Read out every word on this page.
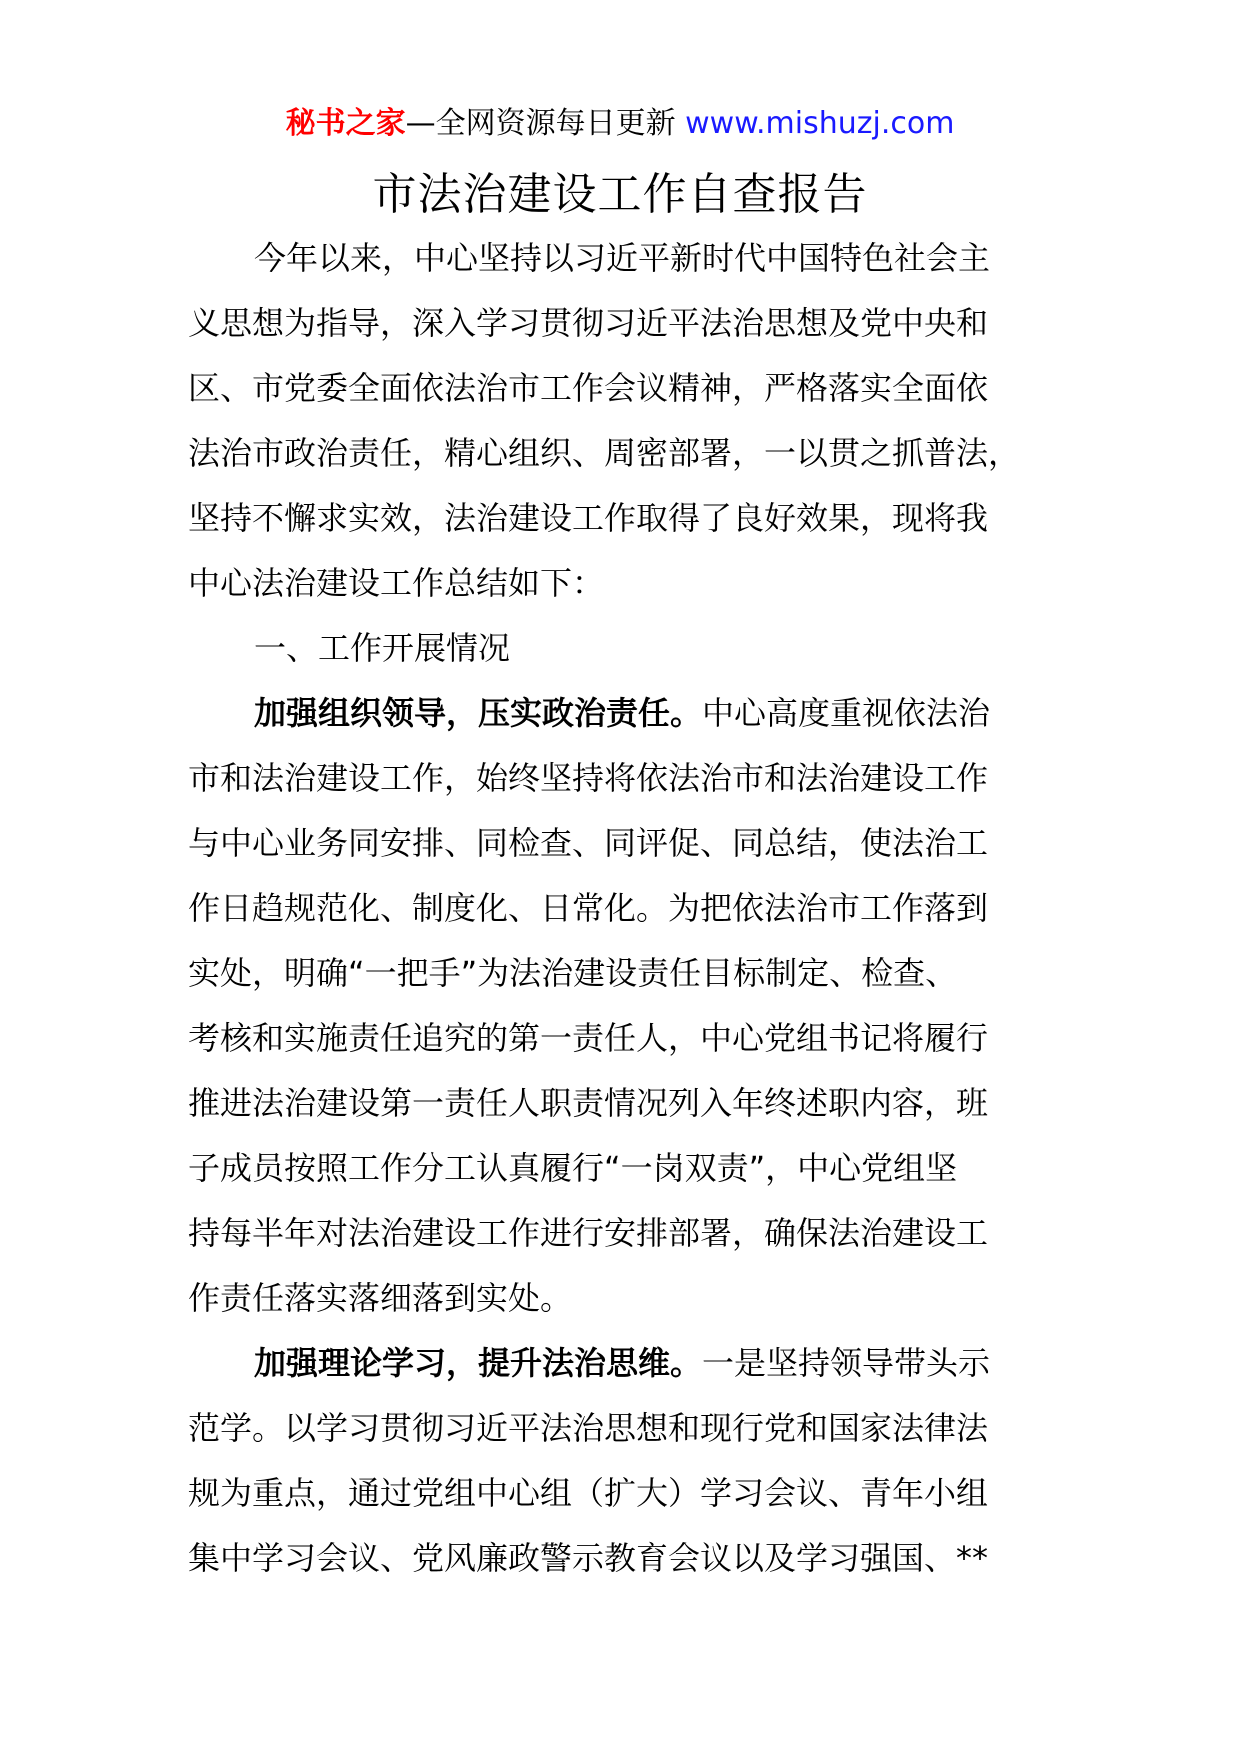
秘书之家—全网资源每日更新 www.mishuzj.com
市法治建设工作自查报告
今年以来，中心坚持以习近平新时代中国特色社会主
义思想为指导，深入学习贯彻习近平法治思想及党中央和
区、市党委全面依法治市工作会议精神，严格落实全面依
法治市政治责任，精心组织、周密部署，一以贯之抓普法，
坚持不懈求实效，法治建设工作取得了良好效果，现将我
中心法治建设工作总结如下：
一、工作开展情况
加强组织领导，压实政治责任。中心高度重视依法治
市和法治建设工作，始终坚持将依法治市和法治建设工作
与中心业务同安排、同检查、同评促、同总结，使法治工
作日趋规范化、制度化、日常化。为把依法治市工作落到
实处，明确“一把手”为法治建设责任目标制定、检查、
考核和实施责任追究的第一责任人，中心党组书记将履行
推进法治建设第一责任人职责情况列入年终述职内容，班
子成员按照工作分工认真履行“一岗双责”，中心党组坚
持每半年对法治建设工作进行安排部署，确保法治建设工
作责任落实落细落到实处。
加强理论学习，提升法治思维。一是坚持领导带头示
范学。以学习贯彻习近平法治思想和现行党和国家法律法
规为重点，通过党组中心组（扩大）学习会议、青年小组
集中学习会议、党风廉政警示教育会议以及学习强国、**
